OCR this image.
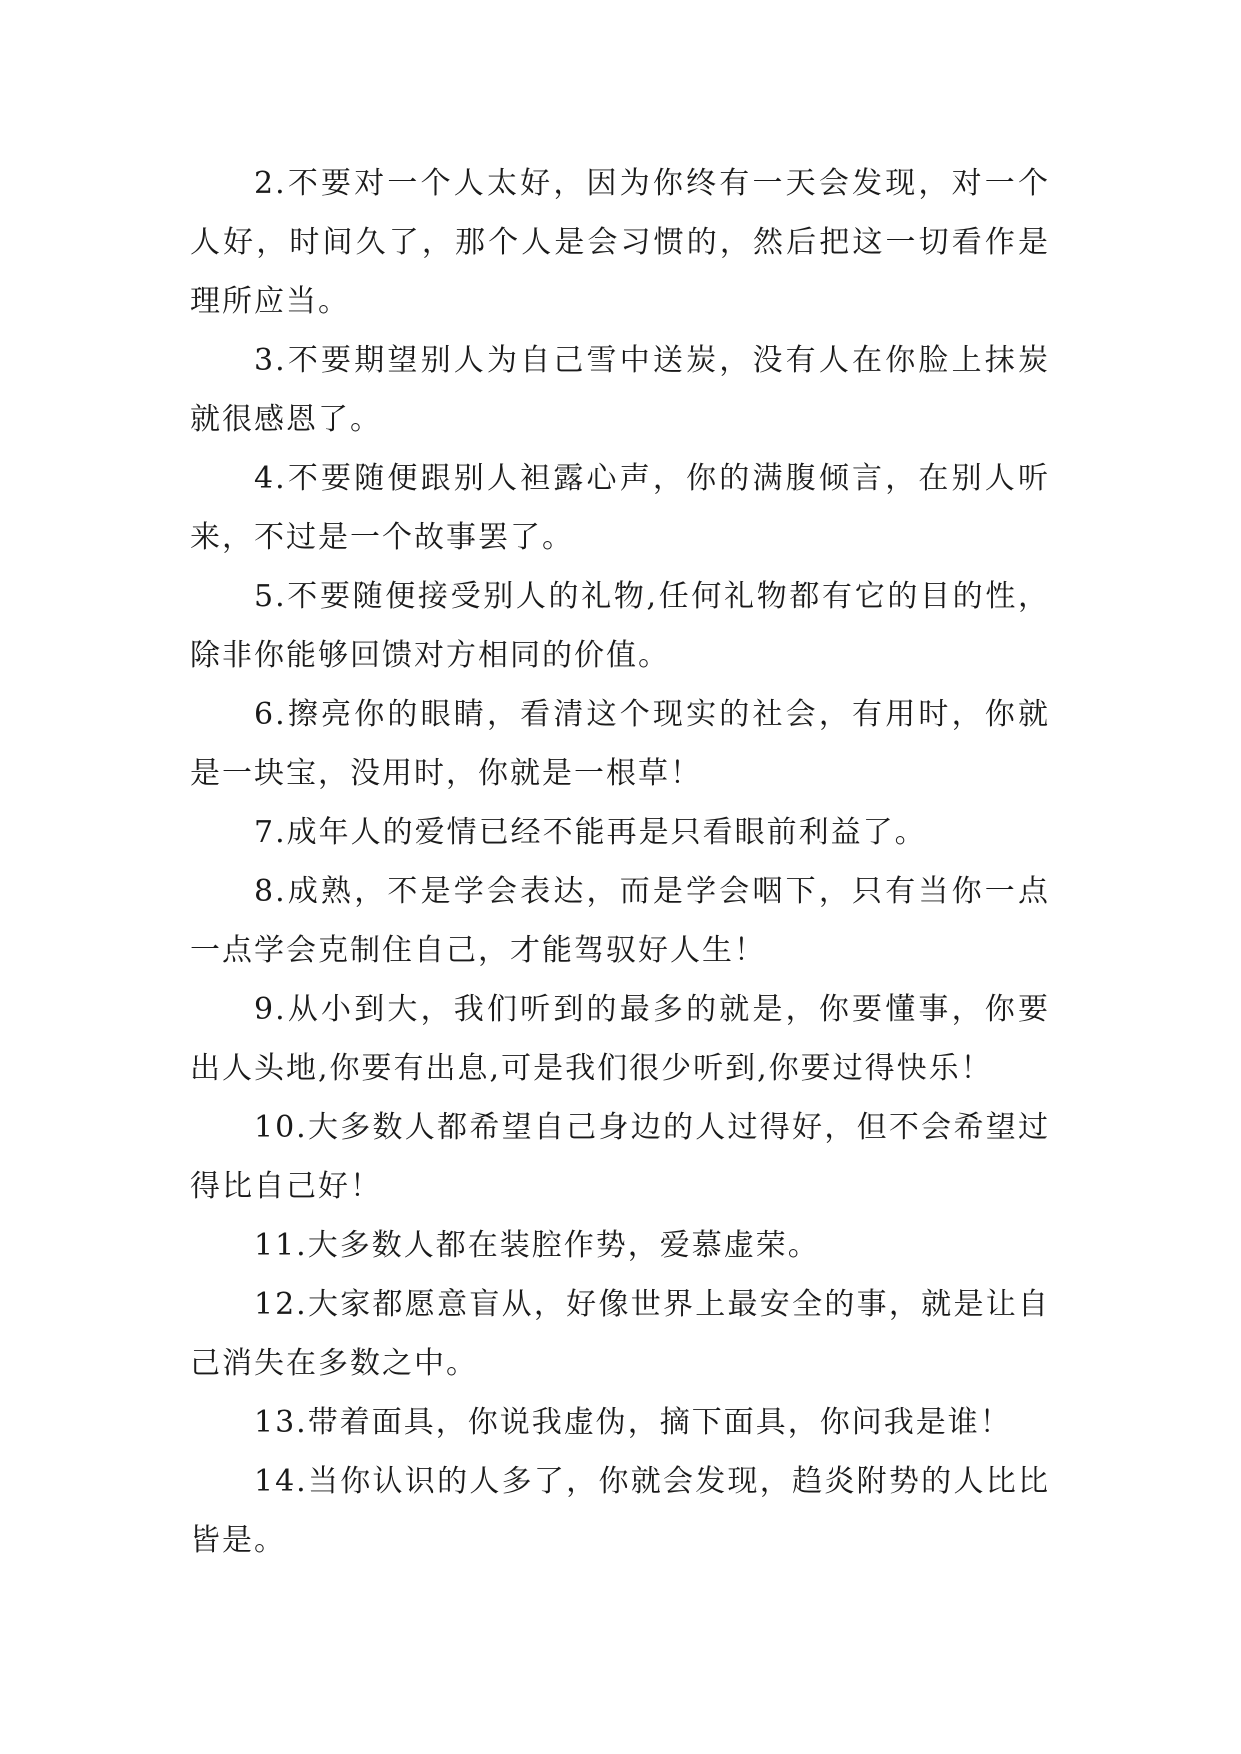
2.不要对一个人太好，因为你终有一天会发现，对一个人好，时间久了，那个人是会习惯的，然后把这一切看作是理所应当。

3.不要期望别人为自己雪中送炭，没有人在你脸上抹炭就很感恩了。

4.不要随便跟别人袒露心声，你的满腹倾言，在别人听来，不过是一个故事罢了。

5.不要随便接受别人的礼物,任何礼物都有它的目的性，除非你能够回馈对方相同的价值。

6.擦亮你的眼睛，看清这个现实的社会，有用时，你就是一块宝，没用时，你就是一根草！

7.成年人的爱情已经不能再是只看眼前利益了。

8.成熟，不是学会表达，而是学会咽下，只有当你一点一点学会克制住自己，才能驾驭好人生！

9.从小到大，我们听到的最多的就是，你要懂事，你要出人头地,你要有出息,可是我们很少听到,你要过得快乐！

10.大多数人都希望自己身边的人过得好，但不会希望过得比自己好！

11.大多数人都在装腔作势，爱慕虚荣。

12.大家都愿意盲从，好像世界上最安全的事，就是让自己消失在多数之中。

13.带着面具，你说我虚伪，摘下面具，你问我是谁！

14.当你认识的人多了，你就会发现，趋炎附势的人比比皆是。
